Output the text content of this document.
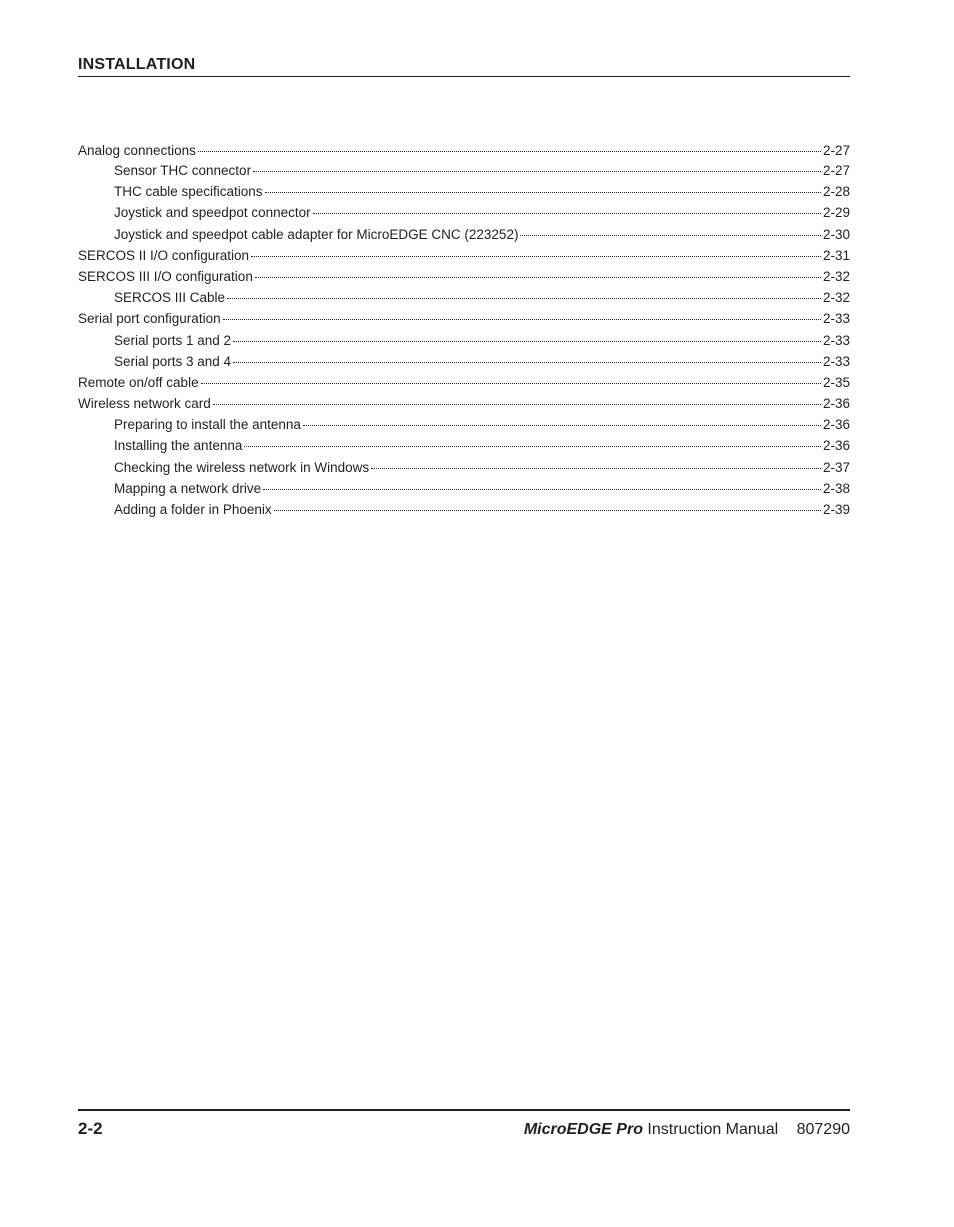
INSTALLATION
Analog connections	2-27
Sensor THC connector	2-27
THC cable specifications	2-28
Joystick and speedpot connector	2-29
Joystick and speedpot cable adapter for MicroEDGE CNC (223252)	2-30
SERCOS II I/O configuration	2-31
SERCOS III I/O configuration	2-32
SERCOS III Cable	2-32
Serial port configuration	2-33
Serial ports 1 and 2	2-33
Serial ports 3 and 4	2-33
Remote on/off cable	2-35
Wireless network card	2-36
Preparing to install the antenna	2-36
Installing the antenna	2-36
Checking the wireless network in Windows	2-37
Mapping a network drive	2-38
Adding a folder in Phoenix	2-39
2-2	MicroEDGE Pro Instruction Manual 807290
